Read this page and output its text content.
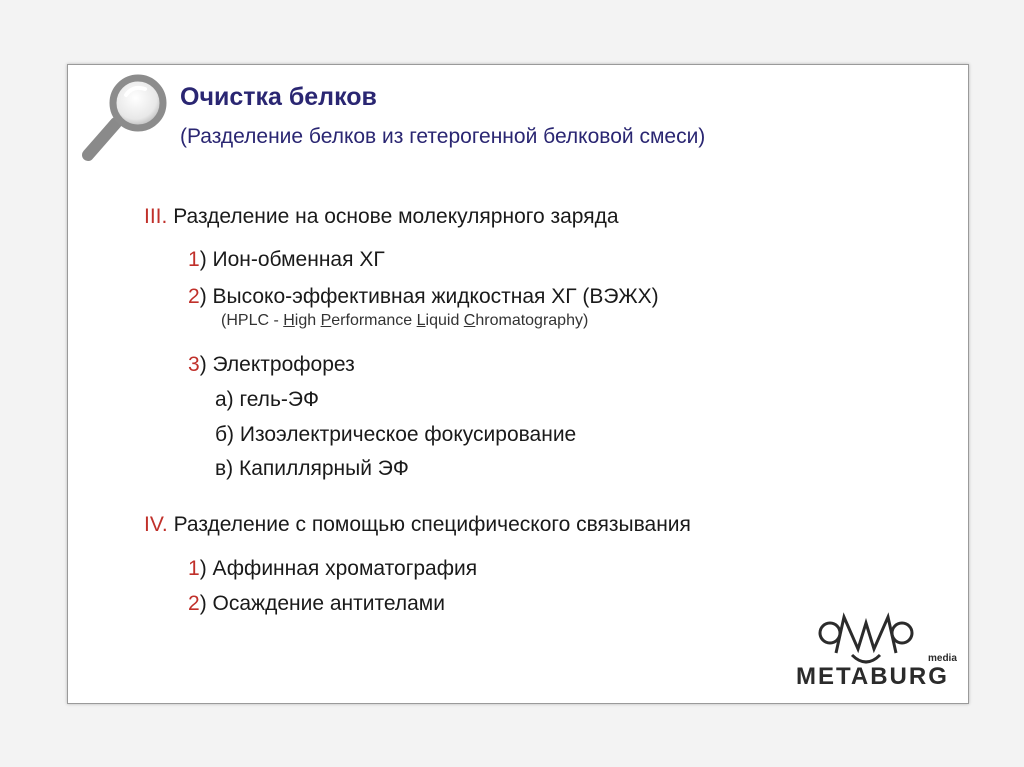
Очистка белков
(Разделение белков из гетерогенной белковой смеси)
III. Разделение на основе молекулярного заряда
1) Ион-обменная ХГ
2) Высоко-эффективная жидкостная ХГ (ВЭЖХ)
(HPLC - High Performance Liquid Chromatography)
3) Электрофорез
а) гель-ЭФ
б) Изоэлектрическое фокусирование
в) Капиллярный ЭФ
IV. Разделение с помощью специфического связывания
1) Аффинная хроматография
2) Осаждение антителами
media
METABURG
